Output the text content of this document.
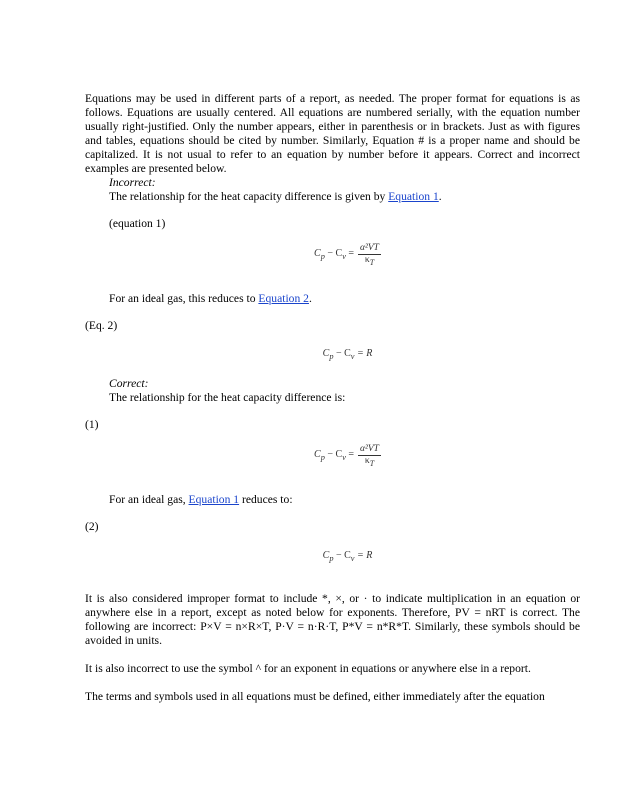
Equations may be used in different parts of a report, as needed. The proper format for equations is as follows. Equations are usually centered. All equations are numbered serially, with the equation number usually right-justified. Only the number appears, either in parenthesis or in brackets. Just as with figures and tables, equations should be cited by number. Similarly, Equation # is a proper name and should be capitalized. It is not usual to refer to an equation by number before it appears. Correct and incorrect examples are presented below.

Incorrect:

The relationship for the heat capacity difference is given by Equation 1.

(equation 1)

$C_p - C_v = \frac{\text{α²VT}}{\kappa_T}$

For an ideal gas, this reduces to Equation 2.

(Eq. 2)

$C_p - C_v = R$

Correct:

The relationship for the heat capacity difference is:

(1)

$C_p - C_v = \frac{\text{α²VT}}{\kappa_T}$

For an ideal gas, Equation 1 reduces to:

(2)

$C_p - C_v = R$

It is also considered improper format to include *, ×, or · to indicate multiplication in an equation or anywhere else in a report, except as noted below for exponents. Therefore, PV = nRT is correct. The following are incorrect: P×V = n×R×T, P·V = n·R·T, P*V = n*R*T. Similarly, these symbols should be avoided in units.

It is also incorrect to use the symbol ^ for an exponent in equations or anywhere else in a report.

The terms and symbols used in all equations must be defined, either immediately after the equation
